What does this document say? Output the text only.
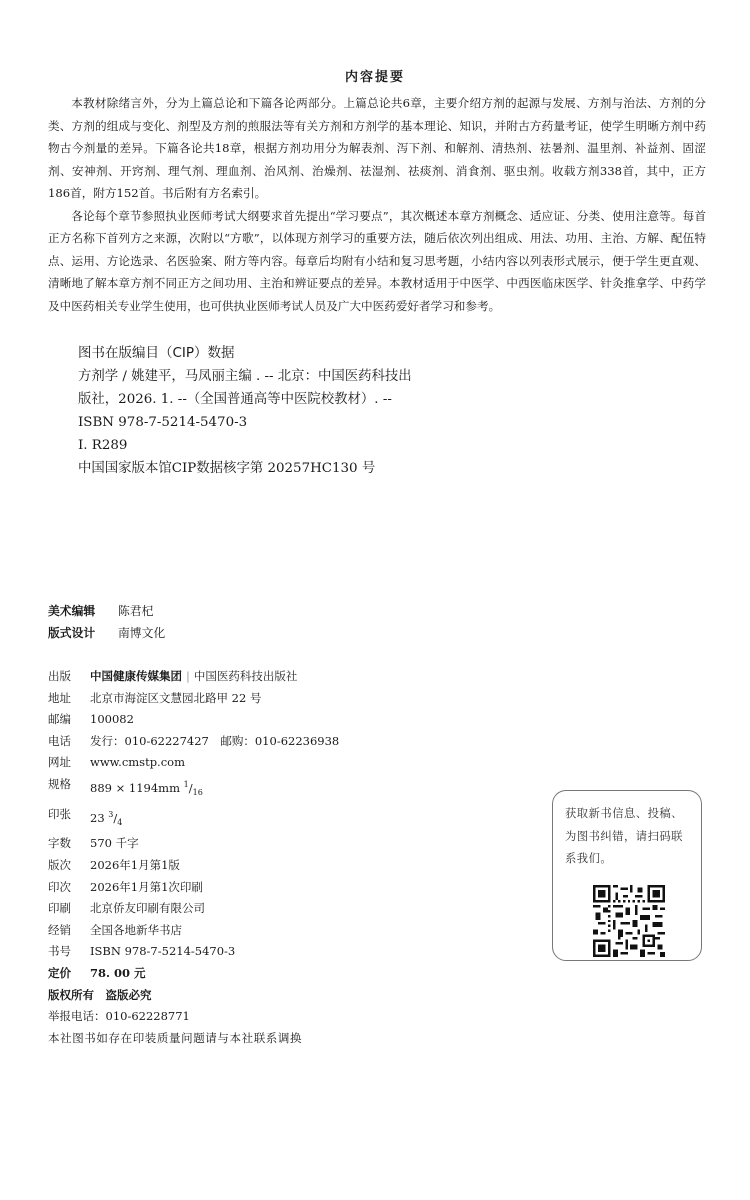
内容提要

本教材除绪言外，分为上篇总论和下篇各论两部分。上篇总论共6章，主要介绍方剂的起源与发展、方剂与治法、方剂的分类、方剂的组成与变化、剂型及方剂的煎服法等有关方剂和方剂学的基本理论、知识，并附古方药量考证，使学生明晰方剂中药物古今剂量的差异。下篇各论共18章，根据方剂功用分为解表剂、泻下剂、和解剂、清热剂、祛暑剂、温里剂、补益剂、固涩剂、安神剂、开窍剂、理气剂、理血剂、治风剂、治燥剂、祛湿剂、祛痰剂、消食剂、驱虫剂。收载方剂338首，其中，正方186首，附方152首。书后附有方名索引。

各论每个章节参照执业医师考试大纲要求首先提出“学习要点”，其次概述本章方剂概念、适应证、分类、使用注意等。每首正方名称下首列方之来源，次附以“方歌”，以体现方剂学习的重要方法，随后依次列出组成、用法、功用、主治、方解、配伍特点、运用、方论选录、名医验案、附方等内容。每章后均附有小结和复习思考题，小结内容以列表形式展示，便于学生更直观、清晰地了解本章方剂不同正方之间功用、主治和辨证要点的差异。本教材适用于中医学、中西医临床医学、针灸推拿学、中药学及中医药相关专业学生使用，也可供执业医师考试人员及广大中医药爱好者学习和参考。

图书在版编目（CIP）数据
方剂学 / 姚建平，马凤丽主编 . -- 北京：中国医药科技出版社，2026. 1. --（全国普通高等中医院校教材）. -- ISBN 978-7-5214-5470-3
Ⅰ. R289
中国国家版本馆CIP数据核字第 20257HC130 号
美术编辑	陈君杞
版式设计	南博文化
出版	中国健康传媒集团 | 中国医药科技出版社
地址	北京市海淀区文慧园北路甲 22 号
邮编	100082
电话	发行：010-62227427　邮购：010-62236938
网址	www.cmstp.com
规格	889 × 1194mm $^1/_{16}$
印张	23 $^3/_4$
字数	570 千字
版次	2026年1月第1版
印次	2026年1月第1次印刷
印刷	北京侨友印刷有限公司
经销	全国各地新华书店
书号	ISBN 978-7-5214-5470-3
定价	78. 00 元
版权所有　盗版必究
举报电话：010-62228771
本社图书如存在印装质量问题请与本社联系调换
获取新书信息、投稿、为图书纠错，请扫码联系我们。
